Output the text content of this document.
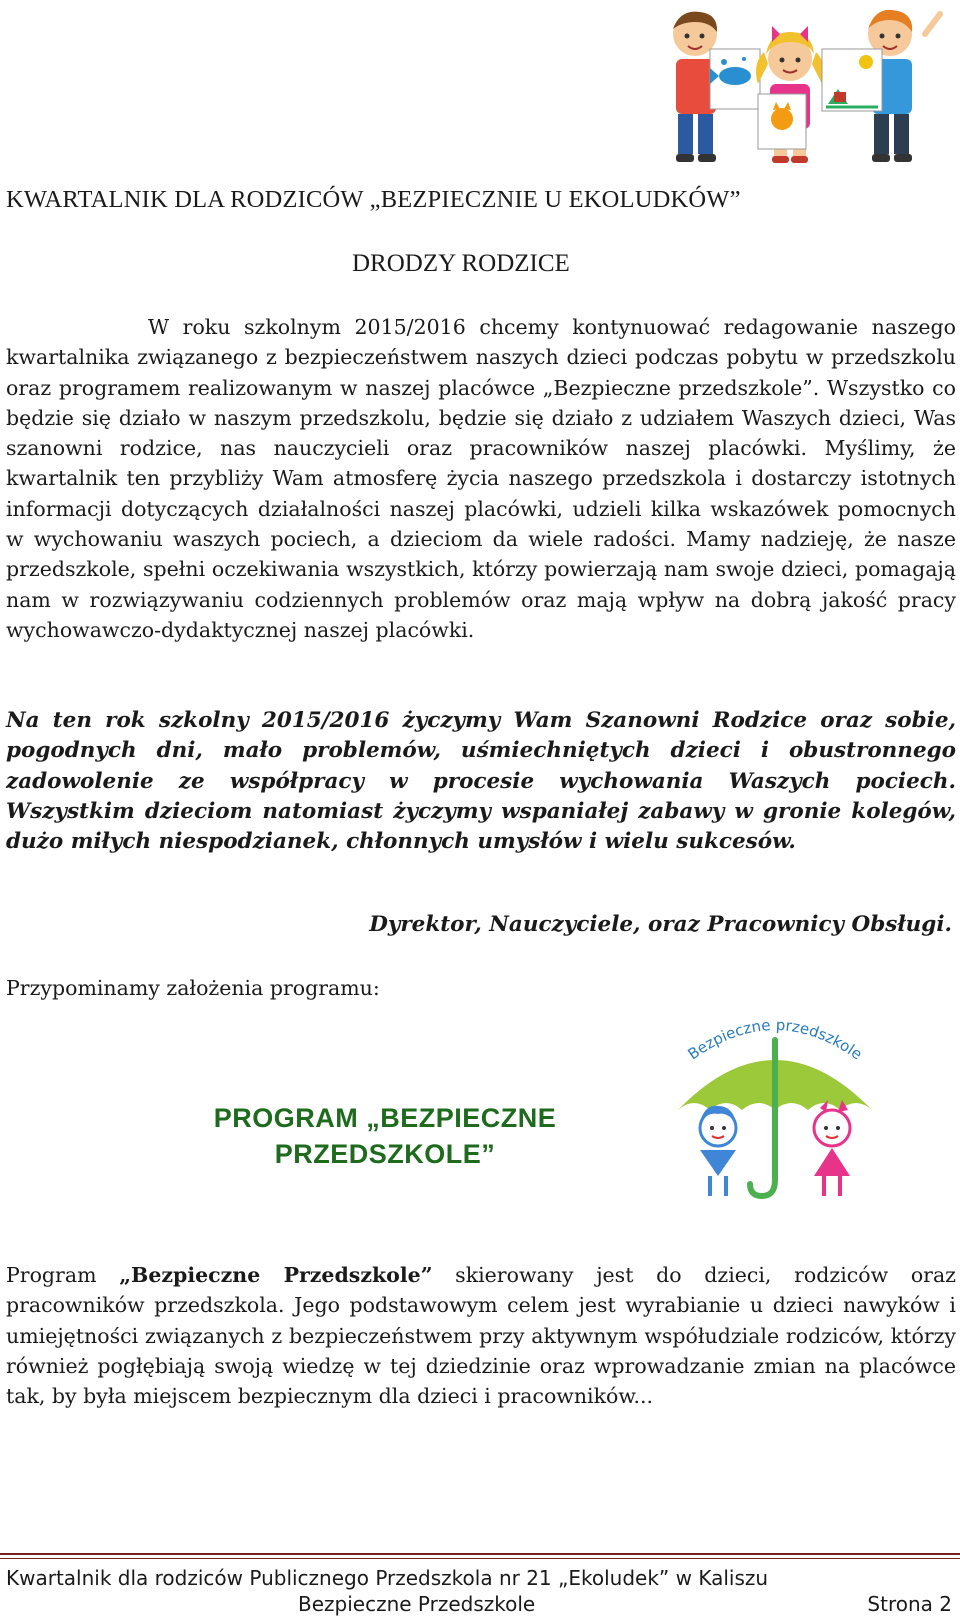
KWARTALNIK DLA RODZICÓW „BEZPIECZNIE U EKOLUDKÓW”
DRODZY RODZICE
W roku szkolnym 2015/2016 chcemy kontynuować redagowanie naszego kwartalnika związanego z bezpieczeństwem naszych dzieci podczas pobytu w przedszkolu oraz programem realizowanym w naszej placówce „Bezpieczne przedszkole”. Wszystko co będzie się działo w naszym przedszkolu, będzie się działo z udziałem Waszych dzieci, Was szanowni rodzice, nas nauczycieli oraz pracowników naszej placówki. Myślimy, że kwartalnik ten przybliży Wam atmosferę życia naszego przedszkola i dostarczy istotnych informacji dotyczących działalności naszej placówki, udzieli kilka wskazówek pomocnych w wychowaniu waszych pociech, a dzieciom da wiele radości. Mamy nadzieję, że nasze przedszkole, spełni oczekiwania wszystkich, którzy powierzają nam swoje dzieci, pomagają nam w rozwiązywaniu codziennych problemów oraz mają wpływ na dobrą jakość pracy wychowawczo-dydaktycznej naszej placówki.
Na ten rok szkolny 2015/2016 życzymy Wam Szanowni Rodzice oraz sobie, pogodnych dni, mało problemów, uśmiechniętych dzieci i obustronnego zadowolenie ze współpracy w procesie wychowania Waszych pociech. Wszystkim dzieciom natomiast życzymy wspaniałej zabawy w gronie kolegów, dużo miłych niespodzianek, chłonnych umysłów i wielu sukcesów.
Dyrektor, Nauczyciele, oraz Pracownicy Obsługi.
Przypominamy założenia programu:
PROGRAM „BEZPIECZNE
PRZEDSZKOLE”
Bezpieczne przedszkole
Program „Bezpieczne Przedszkole” skierowany jest do dzieci, rodziców oraz pracowników przedszkola. Jego podstawowym celem jest wyrabianie u dzieci nawyków i umiejętności związanych z bezpieczeństwem przy aktywnym współudziale rodziców, którzy również pogłębiają swoją wiedzę w tej dziedzinie oraz wprowadzanie zmian na placówce tak, by była miejscem bezpiecznym dla dzieci i pracowników...
Kwartalnik dla rodziców Publicznego Przedszkola nr 21 „Ekoludek” w Kaliszu
Bezpieczne Przedszkole	Strona 2
